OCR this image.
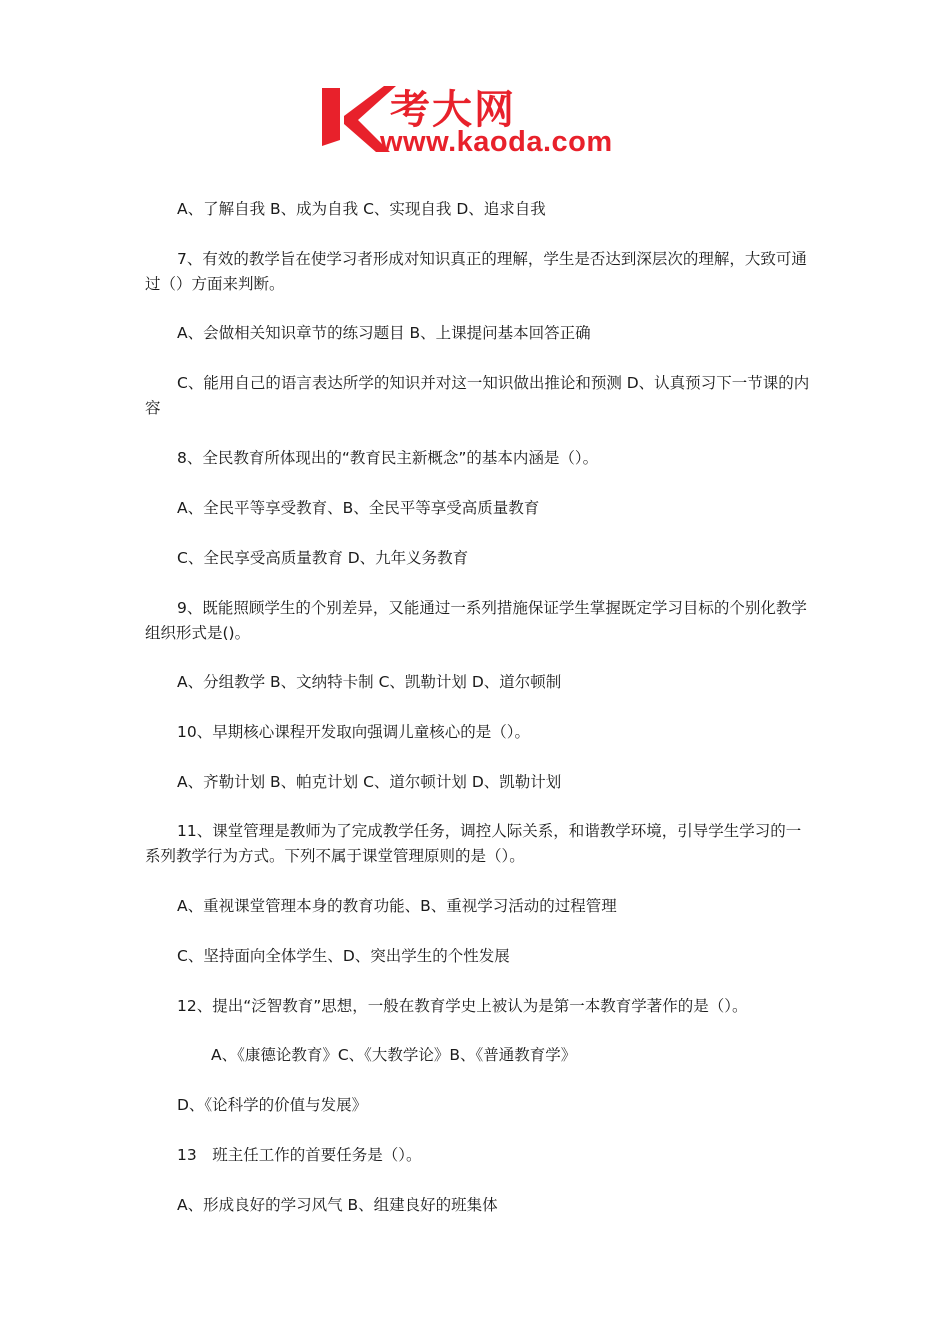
考大网
www.kaoda.com

A、了解自我 B、成为自我 C、实现自我 D、追求自我

7、有效的教学旨在使学习者形成对知识真正的理解，学生是否达到深层次的理解，大致可通过（）方面来判断。

A、会做相关知识章节的练习题目 B、上课提问基本回答正确

C、能用自己的语言表达所学的知识并对这一知识做出推论和预测 D、认真预习下一节课的内容

8、全民教育所体现出的“教育民主新概念”的基本内涵是（）。

A、全民平等享受教育、B、全民平等享受高质量教育

C、全民享受高质量教育 D、九年义务教育

9、既能照顾学生的个别差异，又能通过一系列措施保证学生掌握既定学习目标的个别化教学组织形式是()。

A、分组教学 B、文纳特卡制 C、凯勒计划 D、道尔顿制

10、早期核心课程开发取向强调儿童核心的是（）。

A、齐勒计划 B、帕克计划 C、道尔顿计划 D、凯勒计划

11、课堂管理是教师为了完成教学任务，调控人际关系，和谐教学环境，引导学生学习的一系列教学行为方式。下列不属于课堂管理原则的是（）。

A、重视课堂管理本身的教育功能、B、重视学习活动的过程管理

C、坚持面向全体学生、D、突出学生的个性发展

12、提出“泛智教育”思想，一般在教育学史上被认为是第一本教育学著作的是（）。

A、《康德论教育》C、《大教学论》B、《普通教育学》

D、《论科学的价值与发展》

13　班主任工作的首要任务是（）。

A、形成良好的学习风气 B、组建良好的班集体
